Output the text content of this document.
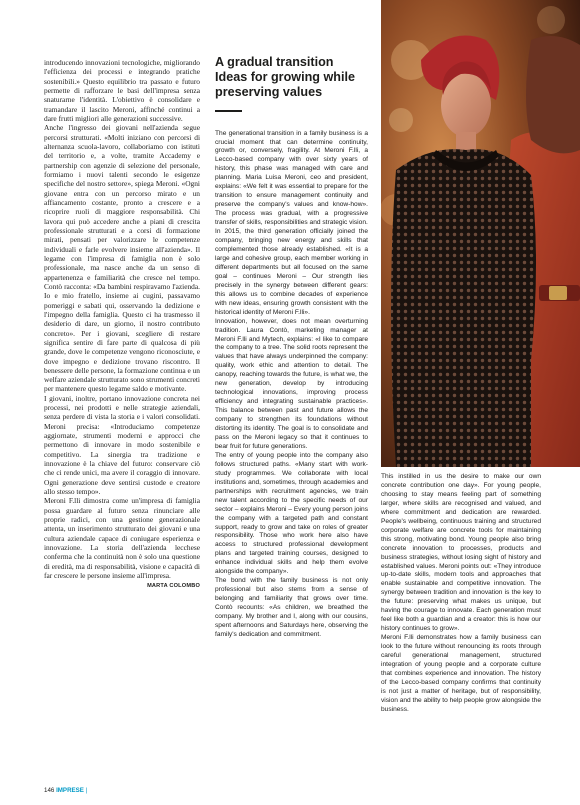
introducendo innovazioni tecnologiche, migliorando l'efficienza dei processi e integrando pratiche sostenibili.» Questo equilibrio tra passato e futuro permette di rafforzare le basi dell'impresa senza snaturarne l'identità. L'obiettivo è consolidare e tramandare il lascito Meroni, affinché continui a dare frutti migliori alle generazioni successive.

Anche l'ingresso dei giovani nell'azienda segue percorsi strutturati. «Molti iniziano con percorsi di alternanza scuola-lavoro, collaboriamo con istituti del territorio e, a volte, tramite Accademy e partnership con agenzie di selezione del personale, formiamo i nuovi talenti secondo le esigenze specifiche del nostro settore», spiega Meroni. «Ogni giovane entra con un percorso mirato e un affiancamento costante, pronto a crescere e a ricoprire ruoli di maggiore responsabilità. Chi lavora qui può accedere anche a piani di crescita professionale strutturati e a corsi di formazione mirati, pensati per valorizzare le competenze individuali e farle evolvere insieme all'azienda». Il legame con l'impresa di famiglia non è solo professionale, ma nasce anche da un senso di appartenenza e familiarità che cresce nel tempo. Contò racconta: «Da bambini respiravamo l'azienda. Io e mio fratello, insieme ai cugini, passavamo pomeriggi e sabati qui, osservando la dedizione e l'impegno della famiglia. Questo ci ha trasmesso il desiderio di dare, un giorno, il nostro contributo concreto». Per i giovani, scegliere di restare significa sentire di fare parte di qualcosa di più grande, dove le competenze vengono riconosciute, e dove impegno e dedizione trovano riscontro. Il benessere delle persone, la formazione continua e un welfare aziendale strutturato sono strumenti concreti per mantenere questo legame saldo e motivante.

I giovani, inoltre, portano innovazione concreta nei processi, nei prodotti e nelle strategie aziendali, senza perdere di vista la storia e i valori consolidati. Meroni precisa: «Introduciamo competenze aggiornate, strumenti moderni e approcci che permettono di innovare in modo sostenibile e competitivo. La sinergia tra tradizione e innovazione è la chiave del futuro: conservare ciò che ci rende unici, ma avere il coraggio di innovare. Ogni generazione deve sentirsi custode e creatore allo stesso tempo».

Meroni F.lli dimostra come un'impresa di famiglia possa guardare al futuro senza rinunciare alle proprie radici, con una gestione generazionale attenta, un inserimento strutturato dei giovani e una cultura aziendale capace di coniugare esperienza e innovazione. La storia dell'azienda lecchese conferma che la continuità non è solo una questione di eredità, ma di responsabilità, visione e capacità di far crescere le persone insieme all'impresa.

MARTA COLOMBO
A gradual transition Ideas for growing while preserving values

The generational transition in a family business is a crucial moment that can determine continuity, growth or, conversely, fragility. At Meroni F.lli, a Lecco-based company with over sixty years of history, this phase was managed with care and planning. Maria Luisa Meroni, ceo and president, explains: «We felt it was essential to prepare for the transition to ensure management continuity and preserve the company's values and know-how». The process was gradual, with a progressive transfer of skills, responsibilities and strategic vision.

In 2015, the third generation officially joined the company, bringing new energy and skills that complemented those already established. «It is a large and cohesive group, each member working in different departments but all focused on the same goal – continues Meroni – Our strength lies precisely in the synergy between different gears: this allows us to combine decades of experience with new ideas, ensuring growth consistent with the historical identity of Meroni F.lli».

Innovation, however, does not mean overturning tradition. Laura Contò, marketing manager at Meroni F.lli and Mytech, explains: «I like to compare the company to a tree. The solid roots represent the values that have always underpinned the company: quality, work ethic and attention to detail. The canopy, reaching towards the future, is what we, the new generation, develop by introducing technological innovations, improving process efficiency and integrating sustainable practices». This balance between past and future allows the company to strengthen its foundations without distorting its identity. The goal is to consolidate and pass on the Meroni legacy so that it continues to bear fruit for future generations.

The entry of young people into the company also follows structured paths. «Many start with work-study programmes. We collaborate with local institutions and, sometimes, through academies and partnerships with recruitment agencies, we train new talent according to the specific needs of our sector – explains Meroni – Every young person joins the company with a targeted path and constant support, ready to grow and take on roles of greater responsibility. Those who work here also have access to structured professional development plans and targeted training courses, designed to enhance individual skills and help them evolve alongside the company».

The bond with the family business is not only professional but also stems from a sense of belonging and familiarity that grows over time. Contò recounts: «As children, we breathed the company. My brother and I, along with our cousins, spent afternoons and Saturdays here, observing the family's dedication and commitment.

This instilled in us the desire to make our own concrete contribution one day». For young people, choosing to stay means feeling part of something larger, where skills are recognised and valued, and where commitment and dedication are rewarded. People's wellbeing, continuous training and structured corporate welfare are concrete tools for maintaining this strong, motivating bond. Young people also bring concrete innovation to processes, products and business strategies, without losing sight of history and established values. Meroni points out: «They introduce up-to-date skills, modern tools and approaches that enable sustainable and competitive innovation. The synergy between tradition and innovation is the key to the future: preserving what makes us unique, but having the courage to innovate. Each generation must feel like both a guardian and a creator: this is how our history continues to grow».

Meroni F.lli demonstrates how a family business can look to the future without renouncing its roots through careful generational management, structured integration of young people and a corporate culture that combines experience and innovation. The history of the Lecco-based company confirms that continuity is not just a matter of heritage, but of responsibility, vision and the ability to help people grow alongside the business.

146 IMPRESE |
